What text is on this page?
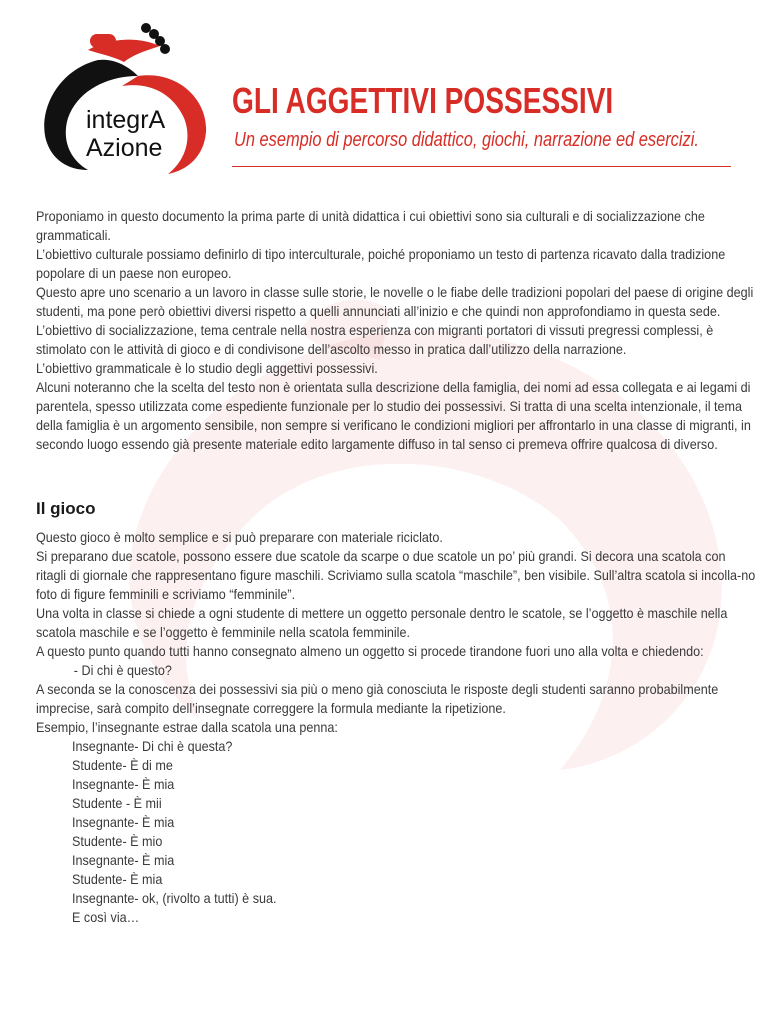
integrA
Azione
GLI AGGETTIVI POSSESSIVI

Un esempio di percorso didattico, giochi, narrazione ed esercizi.

Proponiamo in questo documento la prima parte di unità didattica i cui obiettivi sono sia culturali e di socializzazione che grammaticali.

L’obiettivo culturale possiamo definirlo di tipo interculturale, poiché proponiamo un testo di partenza ricavato dalla tradizione popolare di un paese non europeo.

Questo apre uno scenario a un lavoro in classe sulle storie, le novelle o le fiabe delle tradizioni popolari del paese di origine degli studenti, ma pone però obiettivi diversi rispetto a quelli annunciati all’inizio e che quindi non approfondiamo in questa sede.

L’obiettivo di socializzazione, tema centrale nella nostra esperienza con migranti portatori di vissuti pregressi complessi, è stimolato con le attività di gioco e di condivisone dell’ascolto messo in pratica dall’utilizzo della narrazione.

L’obiettivo grammaticale è lo studio degli aggettivi possessivi.

Alcuni noteranno che la scelta del testo non è orientata sulla descrizione della famiglia, dei nomi ad essa collegata e ai legami di parentela, spesso utilizzata come espediente funzionale per lo studio dei possessivi. Si tratta di una scelta intenzionale, il tema della famiglia è un argomento sensibile, non sempre si verificano le condizioni migliori per affrontarlo in una classe di migranti, in secondo luogo essendo già presente materiale edito largamente diffuso in tal senso ci premeva offrire qualcosa di diverso.

Il gioco

Questo gioco è molto semplice e si può preparare con materiale riciclato.

Si preparano due scatole, possono essere due scatole da scarpe o due scatole un po’ più grandi. Si decora una scatola con ritagli di giornale che rappresentano figure maschili. Scriviamo sulla scatola “maschile”, ben visibile. Sull’altra scatola si incolla-no foto di figure femminili e scriviamo “femminile”.

Una volta in classe si chiede a ogni studente di mettere un oggetto personale dentro le scatole, se l’oggetto è maschile nella scatola maschile e se l’oggetto è femminile nella scatola femminile.

A questo punto quando tutti hanno consegnato almeno un oggetto si procede tirandone fuori uno alla volta e chiedendo:

- Di chi è questo?

A seconda se la conoscenza dei possessivi sia più o meno già conosciuta le risposte degli studenti saranno probabilmente imprecise, sarà compito dell’insegnate correggere la formula mediante la ripetizione.

Esempio, l’insegnante estrae dalla scatola una penna:

Insegnante- Di chi è questa?

Studente- È di me

Insegnante- È mia

Studente - È mii

Insegnante- È mia

Studente- È mio

Insegnante- È mia

Studente- È mia

Insegnante- ok, (rivolto a tutti) è sua.

E così via…
